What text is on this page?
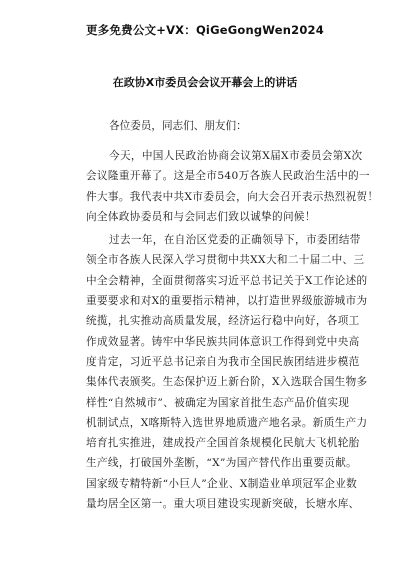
更多免费公文+VX：QiGeGongWen2024
在政协X市委员会会议开幕会上的讲话
各位委员，同志们、朋友们：
今天，中国人民政治协商会议第X届X市委员会第X次
会议隆重开幕了。这是全市540万各族人民政治生活中的一
件大事。我代表中共X市委员会，向大会召开表示热烈祝贺！
向全体政协委员和与会同志们致以诚挚的问候！
过去一年，在自治区党委的正确领导下，市委团结带
领全市各族人民深入学习贯彻中共XX大和二十届二中、三
中全会精神，全面贯彻落实习近平总书记关于X工作论述的
重要要求和对X的重要指示精神，以打造世界级旅游城市为
统揽，扎实推动高质量发展，经济运行稳中向好，各项工
作成效显著。铸牢中华民族共同体意识工作得到党中央高
度肯定，习近平总书记亲自为我市全国民族团结进步模范
集体代表颁奖。生态保护迈上新台阶，X入选联合国生物多
样性“自然城市”、被确定为国家首批生态产品价值实现
机制试点，X喀斯特入选世界地质遗产地名录。新质生产力
培育扎实推进，建成投产全国首条规模化民航大飞机轮胎
生产线，打破国外垄断，“X”为国产替代作出重要贡献。
国家级专精特新“小巨人”企业、X制造业单项冠军企业数
量均居全区第一。重大项目建设实现新突破，长塘水库、
